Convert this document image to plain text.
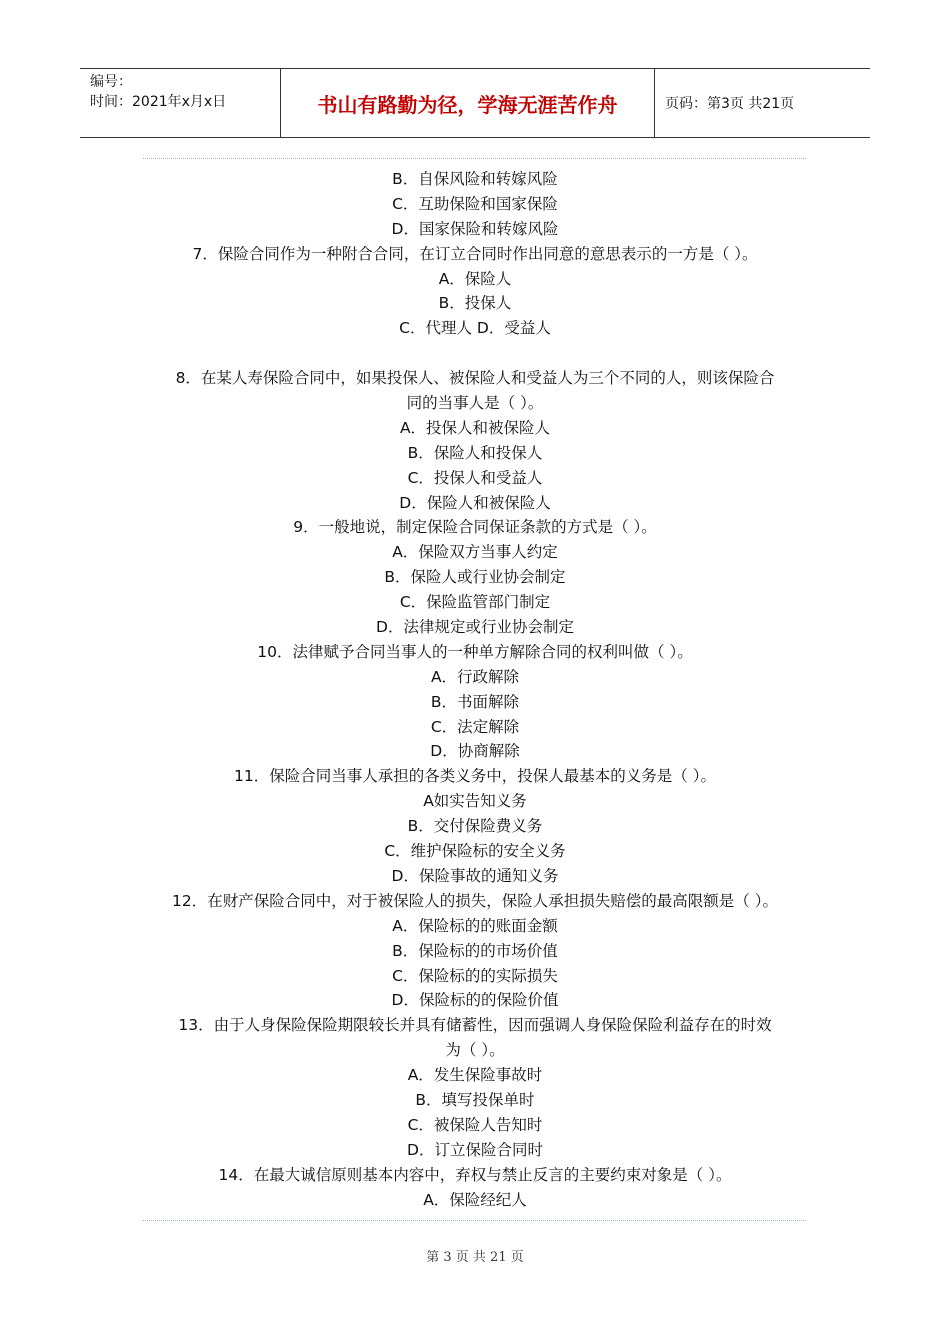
编号：
时间：2021年x月x日	书山有路勤为径，学海无涯苦作舟	页码：第3页 共21页
B．自保风险和转嫁风险
C．互助保险和国家保险
D．国家保险和转嫁风险
7．保险合同作为一种附合合同，在订立合同时作出同意的意思表示的一方是（ ）。
A．保险人
B．投保人
C．代理人 D．受益人
8．在某人寿保险合同中，如果投保人、被保险人和受益人为三个不同的人，则该保险合
同的当事人是（ ）。
A．投保人和被保险人
B．保险人和投保人
C．投保人和受益人
D．保险人和被保险人
9．一般地说，制定保险合同保证条款的方式是（ ）。
A．保险双方当事人约定
B．保险人或行业协会制定
C．保险监管部门制定
D．法律规定或行业协会制定
10．法律赋予合同当事人的一种单方解除合同的权利叫做（ ）。
A．行政解除
B．书面解除
C．法定解除
D．协商解除
11．保险合同当事人承担的各类义务中，投保人最基本的义务是（ ）。
A如实告知义务
B．交付保险费义务
C．维护保险标的安全义务
D．保险事故的通知义务
12．在财产保险合同中，对于被保险人的损失，保险人承担损失赔偿的最高限额是（ ）。
A．保险标的的账面金额
B．保险标的的市场价值
C．保险标的的实际损失
D．保险标的的保险价值
13．由于人身保险保险期限较长并具有储蓄性，因而强调人身保险保险利益存在的时效
为（ ）。
A．发生保险事故时
B．填写投保单时
C．被保险人告知时
D．订立保险合同时
14．在最大诚信原则基本内容中，弃权与禁止反言的主要约束对象是（ ）。
A．保险经纪人
第 3 页 共 21 页
